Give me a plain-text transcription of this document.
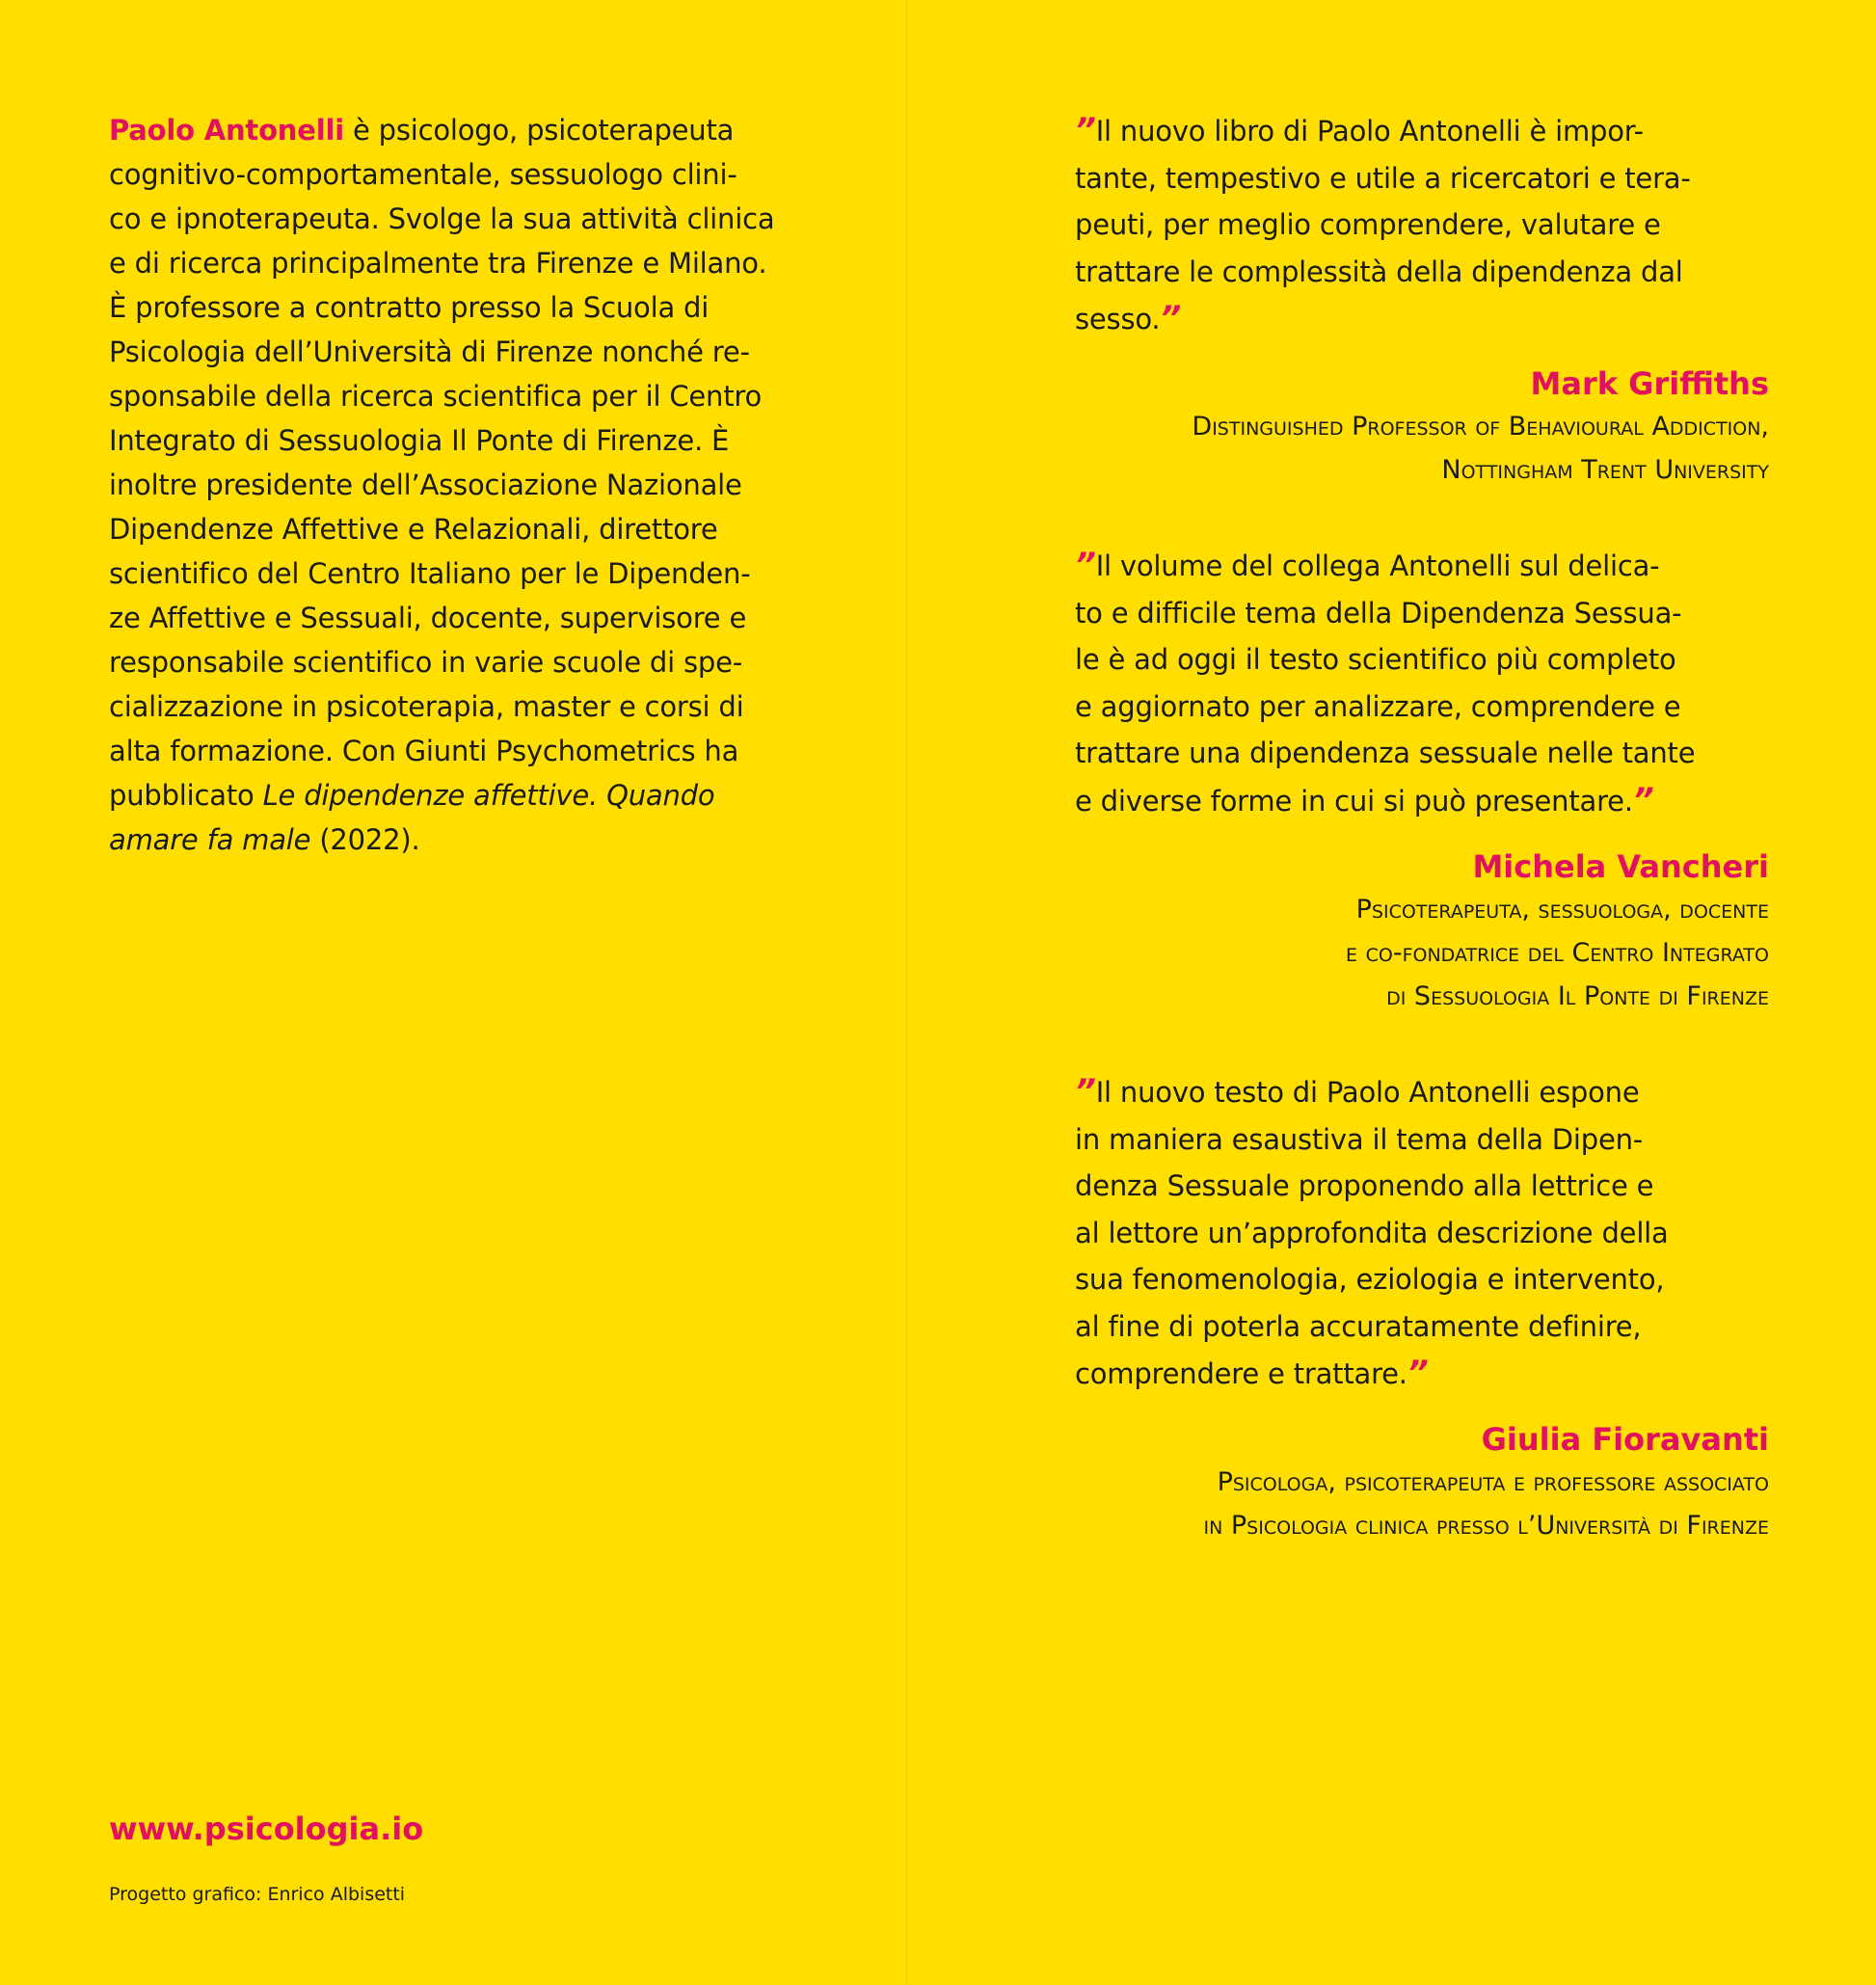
Paolo Antonelli è psicologo, psicoterapeuta
cognitivo-comportamentale, sessuologo clini-
co e ipnoterapeuta. Svolge la sua attività clinica
e di ricerca principalmente tra Firenze e Milano.
È professore a contratto presso la Scuola di
Psicologia dell’Università di Firenze nonché re-
sponsabile della ricerca scientifica per il Centro
Integrato di Sessuologia Il Ponte di Firenze. È
inoltre presidente dell’Associazione Nazionale
Dipendenze Affettive e Relazionali, direttore
scientifico del Centro Italiano per le Dipenden-
ze Affettive e Sessuali, docente, supervisore e
responsabile scientifico in varie scuole di spe-
cializzazione in psicoterapia, master e corsi di
alta formazione. Con Giunti Psychometrics ha
pubblicato Le dipendenze affettive. Quando
amare fa male (2022).
”Il nuovo libro di Paolo Antonelli è impor-
tante, tempestivo e utile a ricercatori e tera-
peuti, per meglio comprendere, valutare e
trattare le complessità della dipendenza dal
sesso.”
Mark Griffiths
Distinguished Professor of Behavioural Addiction,
Nottingham Trent University
”Il volume del collega Antonelli sul delica-
to e difficile tema della Dipendenza Sessua-
le è ad oggi il testo scientifico più completo
e aggiornato per analizzare, comprendere e
trattare una dipendenza sessuale nelle tante
e diverse forme in cui si può presentare.”
Michela Vancheri
Psicoterapeuta, sessuologa, docente
e co-fondatrice del Centro Integrato
di Sessuologia Il Ponte di Firenze
”Il nuovo testo di Paolo Antonelli espone
in maniera esaustiva il tema della Dipen-
denza Sessuale proponendo alla lettrice e
al lettore un’approfondita descrizione della
sua fenomenologia, eziologia e intervento,
al fine di poterla accuratamente definire,
comprendere e trattare.”
Giulia Fioravanti
Psicologa, psicoterapeuta e professore associato
in Psicologia clinica presso l’Università di Firenze
www.psicologia.io
Progetto grafico: Enrico Albisetti
